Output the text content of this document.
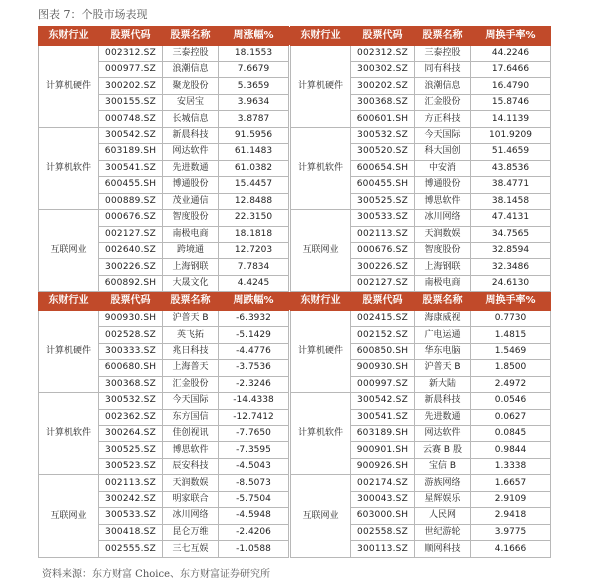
图表 7：个股市场表现
东财行业	股票代码	股票名称	周涨幅%		东财行业	股票代码	股票名称	周换手率%
计算机硬件	002312.SZ	三泰控股	18.1553		计算机硬件	002312.SZ	三泰控股	44.2246
	000977.SZ	浪潮信息	7.6679			300302.SZ	同有科技	17.6466
	300202.SZ	聚龙股份	5.3659			300202.SZ	浪潮信息	16.4790
	300155.SZ	安居宝	3.9634			300368.SZ	汇金股份	15.8746
	000748.SZ	长城信息	3.8787			600601.SH	方正科技	14.1139
计算机软件	300542.SZ	新晨科技	91.5956		计算机软件	300532.SZ	今天国际	101.9209
	603189.SH	网达软件	61.1483			300520.SZ	科大国创	51.4659
	300541.SZ	先进数通	61.0382			600654.SH	中安消	43.8536
	600455.SH	博通股份	15.4457			600455.SH	博通股份	38.4771
	000889.SZ	茂业通信	12.8488			300525.SZ	博思软件	38.1458
互联网业	000676.SZ	智度股份	22.3150		互联网业	300533.SZ	冰川网络	47.4131
	002127.SZ	南极电商	18.1818			002113.SZ	天润数娱	34.7565
	002640.SZ	跨境通	12.7203			000676.SZ	智度股份	32.8594
	300226.SZ	上海钢联	7.7834			300226.SZ	上海钢联	32.3486
	600892.SH	大晟文化	4.4245			002127.SZ	南极电商	24.6130
东财行业	股票代码	股票名称	周跌幅%		东财行业	股票代码	股票名称	周换手率%
计算机硬件	900930.SH	沪普天 B	-6.3932		计算机硬件	002415.SZ	海康威视	0.7730
	002528.SZ	英飞拓	-5.1429			002152.SZ	广电运通	1.4815
	300333.SZ	兆日科技	-4.4776			600850.SH	华东电脑	1.5469
	600680.SH	上海普天	-3.7536			900930.SH	沪普天 B	1.8500
	300368.SZ	汇金股份	-2.3246			000997.SZ	新大陆	2.4972
计算机软件	300532.SZ	今天国际	-14.4338		计算机软件	300542.SZ	新晨科技	0.0546
	002362.SZ	东方国信	-12.7412			300541.SZ	先进数通	0.0627
	300264.SZ	佳创视讯	-7.7650			603189.SH	网达软件	0.0845
	300525.SZ	博思软件	-7.3595			900901.SH	云赛 B 股	0.9844
	300523.SZ	辰安科技	-4.5043			900926.SH	宝信 B	1.3338
互联网业	002113.SZ	天润数娱	-8.5073		互联网业	002174.SZ	游族网络	1.6657
	300242.SZ	明家联合	-5.7504			300043.SZ	星辉娱乐	2.9109
	300533.SZ	冰川网络	-4.5948			603000.SH	人民网	2.9418
	300418.SZ	昆仑万维	-2.4206			002558.SZ	世纪游轮	3.9775
	002555.SZ	三七互娱	-1.0588			300113.SZ	顺网科技	4.1666
资料来源：东方财富 Choice、东方财富证券研究所
